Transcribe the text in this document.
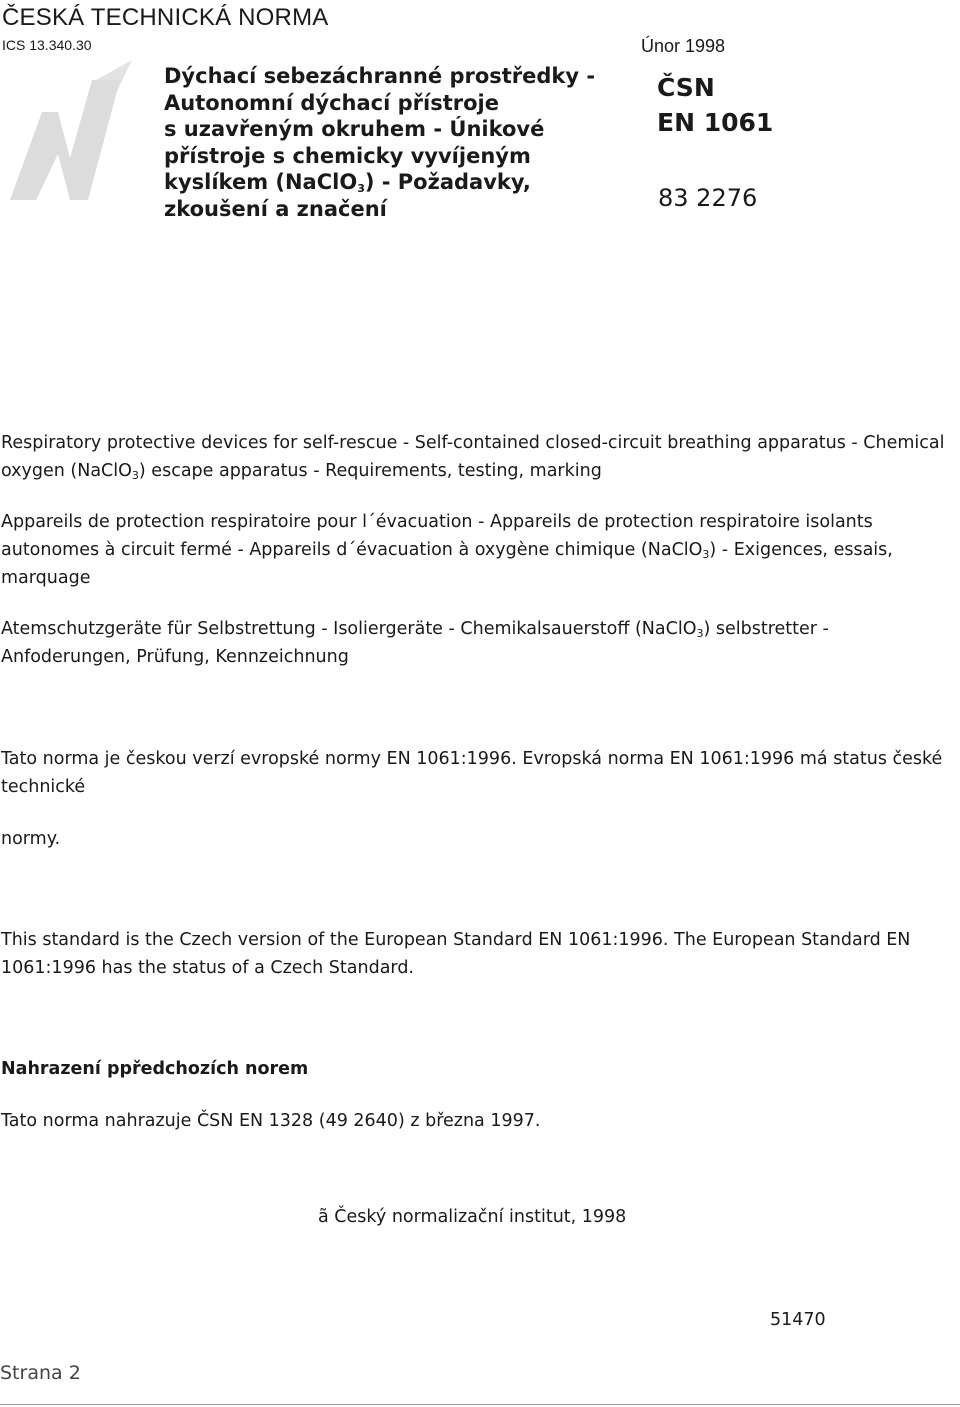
ČESKÁ TECHNICKÁ NORMA
ICS 13.340.30	Únor 1998
R
Dýchací sebezáchranné prostředky -
Autonomní dýchací přístroje
s uzavřeným okruhem - Únikové
přístroje s chemicky vyvíjeným
kyslíkem (NaClO$_3$) - Požadavky,
zkoušení a značení
ČSN
EN 1061
83 2276
Respiratory protective devices for self-rescue - Self-contained closed-circuit breathing apparatus - Chemical oxygen (NaClO$_3$) escape apparatus - Requirements, testing, marking
Appareils de protection respiratoire pour l´évacuation - Appareils de protection respiratoire isolants autonomes à circuit fermé - Appareils d´évacuation à oxygène chimique (NaClO$_3$) - Exigences, essais, marquage
Atemschutzgeräte für Selbstrettung - Isoliergeräte - Chemikalsauerstoff (NaClO$_3$) selbstretter - Anfoderungen, Prüfung, Kennzeichnung
Tato norma je českou verzí evropské normy EN 1061:1996. Evropská norma EN 1061:1996 má status české technické
normy.
This standard is the Czech version of the European Standard EN 1061:1996. The European Standard EN 1061:1996 has the status of a Czech Standard.
Nahrazení ppředchozích norem
Tato norma nahrazuje ČSN EN 1328 (49 2640) z března 1997.
ã Český normalizační institut, 1998
51470
Strana 2
